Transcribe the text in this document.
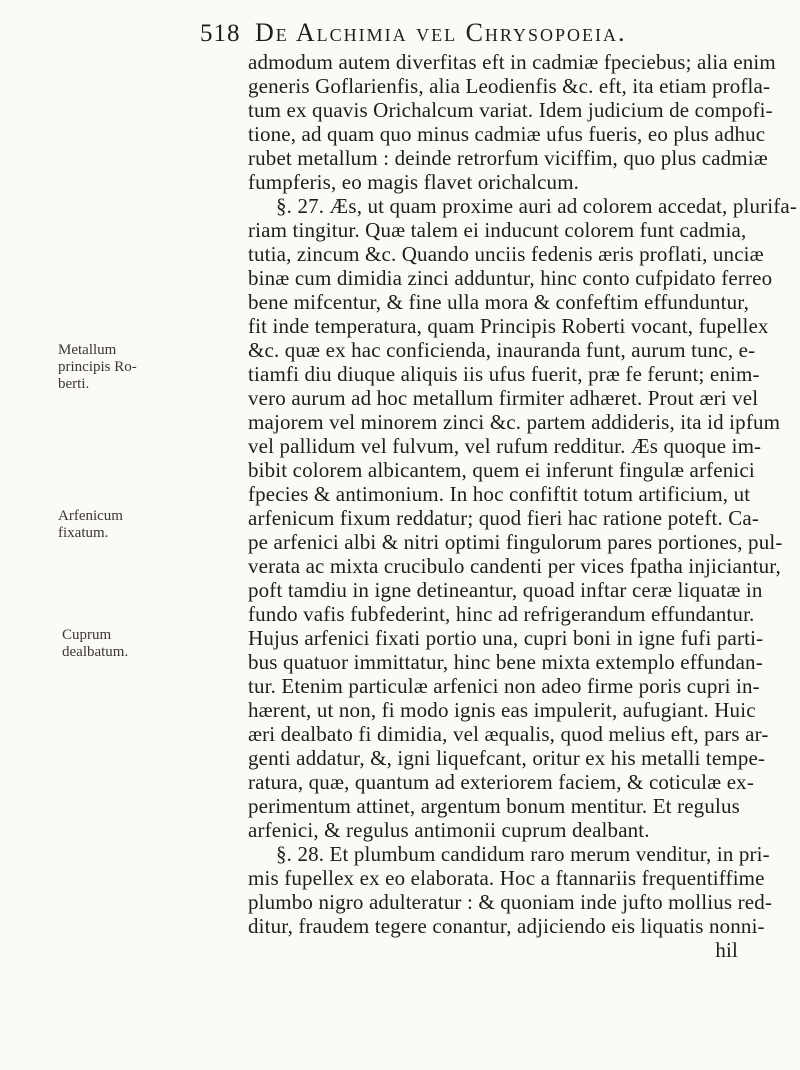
518 De Alchimia vel Chrysopoeia.
Metallum
principis Ro-
berti.
Arfenicum
fixatum.
Cuprum
dealbatum.
admodum autem diverfitas eft in cadmiæ fpeciebus; alia enim
generis Goflarienfis, alia Leodienfis &c. eft, ita etiam profla-
tum ex quavis Orichalcum variat. Idem judicium de compofi-
tione, ad quam quo minus cadmiæ ufus fueris, eo plus adhuc
rubet metallum : deinde retrorfum viciffim, quo plus cadmiæ
fumpferis, eo magis flavet orichalcum.
§. 27. Æs, ut quam proxime auri ad colorem accedat, plurifa-
riam tingitur. Quæ talem ei inducunt colorem funt cadmia,
tutia, zincum &c. Quando unciis fedenis æris proflati, unciæ
binæ cum dimidia zinci adduntur, hinc conto cufpidato ferreo
bene mifcentur, & fine ulla mora & confeftim effunduntur,
fit inde temperatura, quam Principis Roberti vocant, fupellex
&c. quæ ex hac conficienda, inauranda funt, aurum tunc, e-
tiamfi diu diuque aliquis iis ufus fuerit, præ fe ferunt; enim-
vero aurum ad hoc metallum firmiter adhæret. Prout æri vel
majorem vel minorem zinci &c. partem addideris, ita id ipfum
vel pallidum vel fulvum, vel rufum redditur. Æs quoque im-
bibit colorem albicantem, quem ei inferunt fingulæ arfenici
fpecies & antimonium. In hoc confiftit totum artificium, ut
arfenicum fixum reddatur; quod fieri hac ratione poteft. Ca-
pe arfenici albi & nitri optimi fingulorum pares portiones, pul-
verata ac mixta crucibulo candenti per vices fpatha injiciantur,
poft tamdiu in igne detineantur, quoad inftar ceræ liquatæ in
fundo vafis fubfederint, hinc ad refrigerandum effundantur.
Hujus arfenici fixati portio una, cupri boni in igne fufi parti-
bus quatuor immittatur, hinc bene mixta extemplo effundan-
tur. Etenim particulæ arfenici non adeo firme poris cupri in-
hærent, ut non, fi modo ignis eas impulerit, aufugiant. Huic
æri dealbato fi dimidia, vel æqualis, quod melius eft, pars ar-
genti addatur, &, igni liquefcant, oritur ex his metalli tempe-
ratura, quæ, quantum ad exteriorem faciem, & coticulæ ex-
perimentum attinet, argentum bonum mentitur. Et regulus
arfenici, & regulus antimonii cuprum dealbant.
§. 28. Et plumbum candidum raro merum venditur, in pri-
mis fupellex ex eo elaborata. Hoc a ftannariis frequentiffime
plumbo nigro adulteratur : & quoniam inde jufto mollius red-
ditur, fraudem tegere conantur, adjiciendo eis liquatis nonni-
hil
